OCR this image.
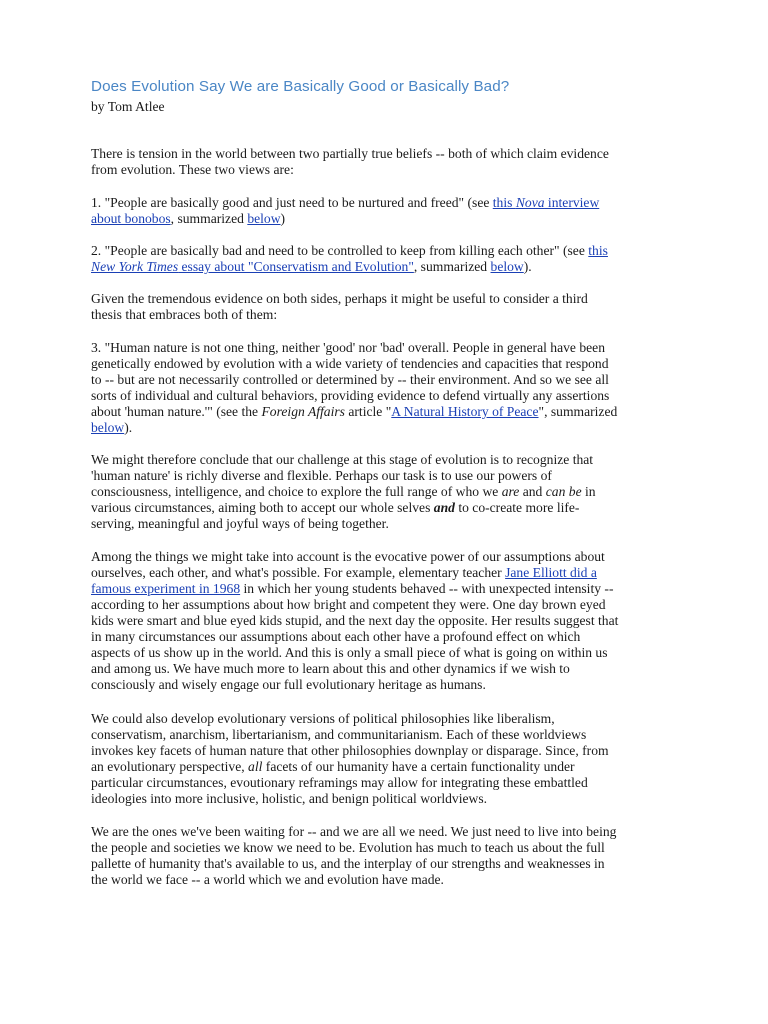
Does Evolution Say We are Basically Good or Basically Bad?
by Tom Atlee
There is tension in the world between two partially true beliefs -- both of which claim evidence
from evolution. These two views are:
1. "People are basically good and just need to be nurtured and freed" (see this Nova interview
about bonobos, summarized below)
2. "People are basically bad and need to be controlled to keep from killing each other" (see this
New York Times essay about "Conservatism and Evolution", summarized below).
Given the tremendous evidence on both sides, perhaps it might be useful to consider a third
thesis that embraces both of them:
3. "Human nature is not one thing, neither 'good' nor 'bad' overall. People in general have been
genetically endowed by evolution with a wide variety of tendencies and capacities that respond
to -- but are not necessarily controlled or determined by -- their environment. And so we see all
sorts of individual and cultural behaviors, providing evidence to defend virtually any assertions
about 'human nature.'" (see the Foreign Affairs article "A Natural History of Peace", summarized
below).
We might therefore conclude that our challenge at this stage of evolution is to recognize that
'human nature' is richly diverse and flexible. Perhaps our task is to use our powers of
consciousness, intelligence, and choice to explore the full range of who we are and can be in
various circumstances, aiming both to accept our whole selves and to co-create more life-
serving, meaningful and joyful ways of being together.
Among the things we might take into account is the evocative power of our assumptions about
ourselves, each other, and what's possible. For example, elementary teacher Jane Elliott did a
famous experiment in 1968 in which her young students behaved -- with unexpected intensity --
according to her assumptions about how bright and competent they were. One day brown eyed
kids were smart and blue eyed kids stupid, and the next day the opposite. Her results suggest that
in many circumstances our assumptions about each other have a profound effect on which
aspects of us show up in the world. And this is only a small piece of what is going on within us
and among us. We have much more to learn about this and other dynamics if we wish to
consciously and wisely engage our full evolutionary heritage as humans.
We could also develop evolutionary versions of political philosophies like liberalism,
conservatism, anarchism, libertarianism, and communitarianism. Each of these worldviews
invokes key facets of human nature that other philosophies downplay or disparage. Since, from
an evolutionary perspective, all facets of our humanity have a certain functionality under
particular circumstances, evoutionary reframings may allow for integrating these embattled
ideologies into more inclusive, holistic, and benign political worldviews.
We are the ones we've been waiting for -- and we are all we need. We just need to live into being
the people and societies we know we need to be. Evolution has much to teach us about the full
pallette of humanity that's available to us, and the interplay of our strengths and weaknesses in
the world we face -- a world which we and evolution have made.
